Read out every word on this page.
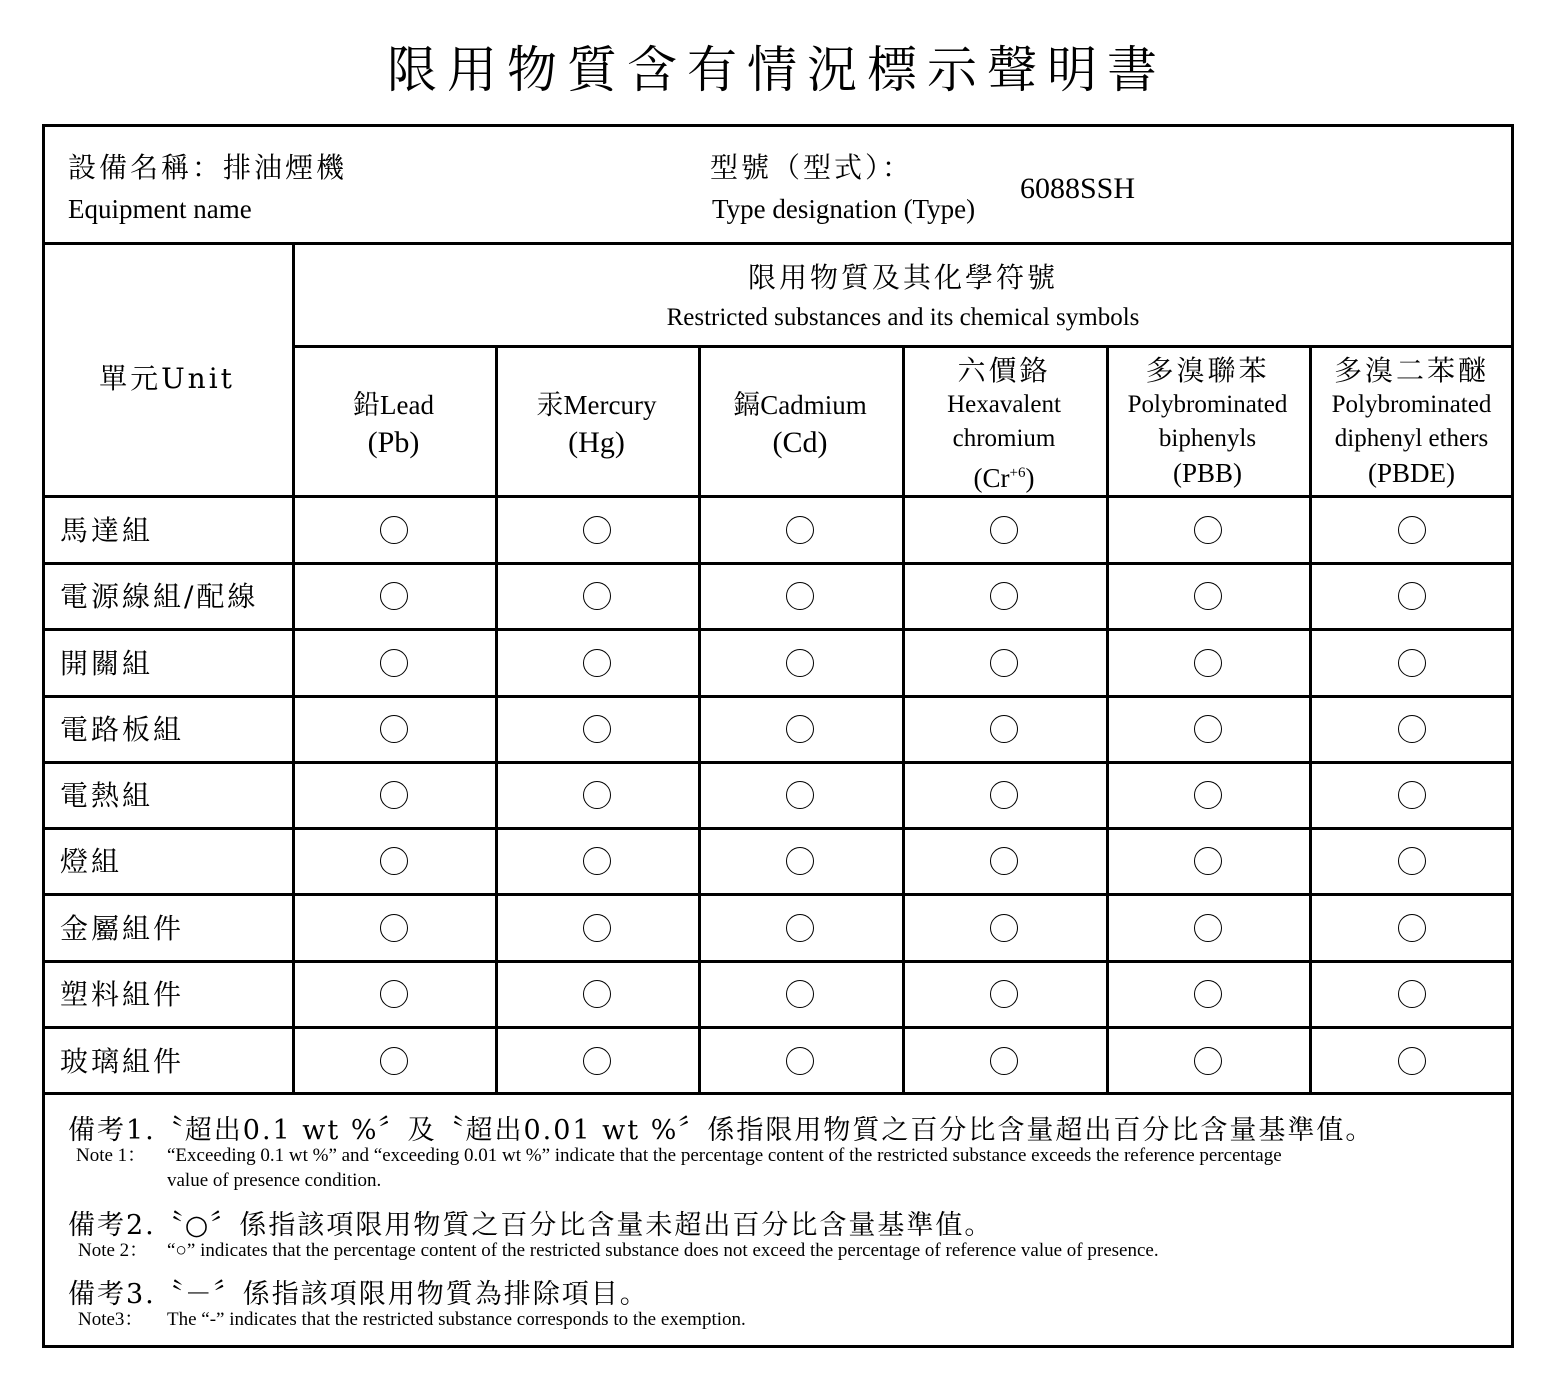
限用物質含有情況標示聲明書
設備名稱：排油煙機
Equipment name
型號（型式）：
Type designation (Type)
6088SSH
單元Unit
限用物質及其化學符號
Restricted substances and its chemical symbols
鉛Lead
(Pb)
汞Mercury
(Hg)
鎘Cadmium
(Cd)
六價鉻
Hexavalent
chromium
$(Cr^{+6})$
多溴聯苯
Polybrominated
biphenyls
(PBB)
多溴二苯醚
Polybrominated
diphenyl ethers
(PBDE)
馬達組
電源線組/配線
開關組
電路板組
電熱組
燈組
金屬組件
塑料組件
玻璃組件
備考1.〝超出0.1 wt %〞及〝超出0.01 wt %〞係指限用物質之百分比含量超出百分比含量基準值。
Note 1： “Exceeding 0.1 wt %” and “exceeding 0.01 wt %” indicate that the percentage content of the restricted substance exceeds the reference percentage
value of presence condition.
備考2.〝○〞係指該項限用物質之百分比含量未超出百分比含量基準值。
Note 2： “○” indicates that the percentage content of the restricted substance does not exceed the percentage of reference value of presence.
備考3.〝－〞係指該項限用物質為排除項目。
Note3： The “-” indicates that the restricted substance corresponds to the exemption.
